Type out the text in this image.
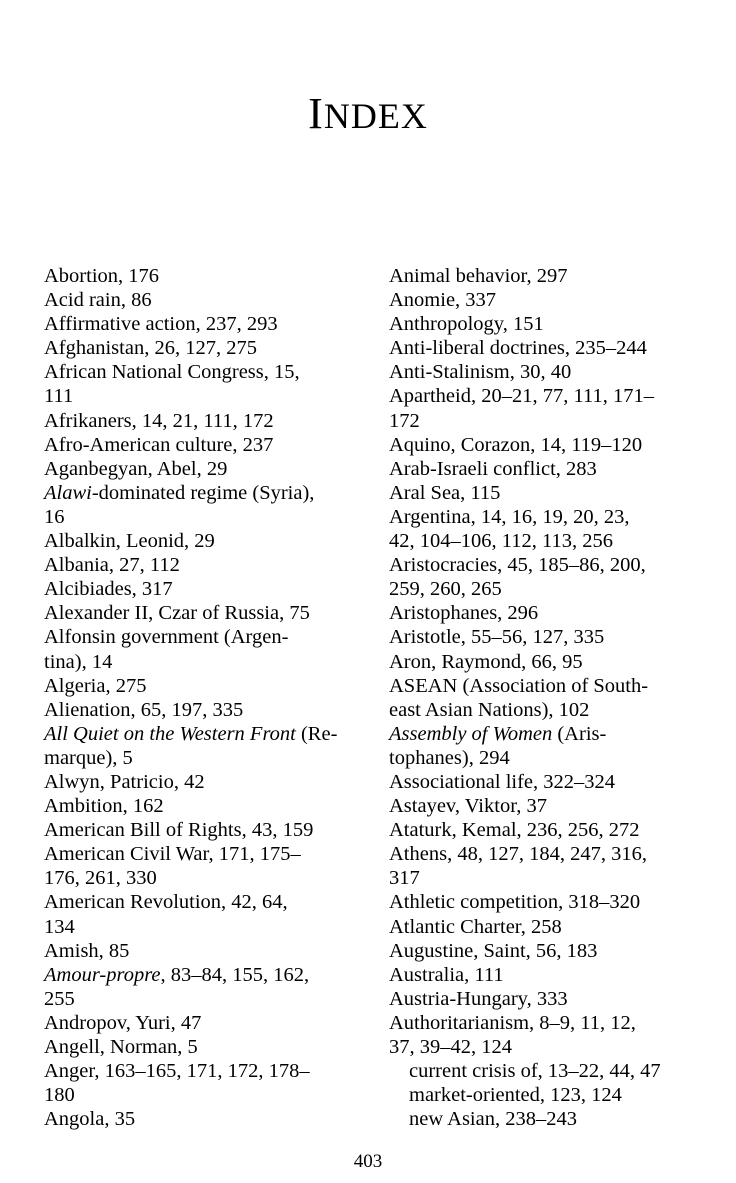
INDEX
Abortion, 176
Acid rain, 86
Affirmative action, 237, 293
Afghanistan, 26, 127, 275
African National Congress, 15,
111
Afrikaners, 14, 21, 111, 172
Afro-American culture, 237
Aganbegyan, Abel, 29
Alawi-dominated regime (Syria),
16
Albalkin, Leonid, 29
Albania, 27, 112
Alcibiades, 317
Alexander II, Czar of Russia, 75
Alfonsin government (Argen-
tina), 14
Algeria, 275
Alienation, 65, 197, 335
All Quiet on the Western Front (Re-
marque), 5
Alwyn, Patricio, 42
Ambition, 162
American Bill of Rights, 43, 159
American Civil War, 171, 175–
176, 261, 330
American Revolution, 42, 64,
134
Amish, 85
Amour-propre, 83–84, 155, 162,
255
Andropov, Yuri, 47
Angell, Norman, 5
Anger, 163–165, 171, 172, 178–
180
Angola, 35
Animal behavior, 297
Anomie, 337
Anthropology, 151
Anti-liberal doctrines, 235–244
Anti-Stalinism, 30, 40
Apartheid, 20–21, 77, 111, 171–
172
Aquino, Corazon, 14, 119–120
Arab-Israeli conflict, 283
Aral Sea, 115
Argentina, 14, 16, 19, 20, 23,
42, 104–106, 112, 113, 256
Aristocracies, 45, 185–86, 200,
259, 260, 265
Aristophanes, 296
Aristotle, 55–56, 127, 335
Aron, Raymond, 66, 95
ASEAN (Association of South-
east Asian Nations), 102
Assembly of Women (Aris-
tophanes), 294
Associational life, 322–324
Astayev, Viktor, 37
Ataturk, Kemal, 236, 256, 272
Athens, 48, 127, 184, 247, 316,
317
Athletic competition, 318–320
Atlantic Charter, 258
Augustine, Saint, 56, 183
Australia, 111
Austria-Hungary, 333
Authoritarianism, 8–9, 11, 12,
37, 39–42, 124
current crisis of, 13–22, 44, 47
market-oriented, 123, 124
new Asian, 238–243
403
